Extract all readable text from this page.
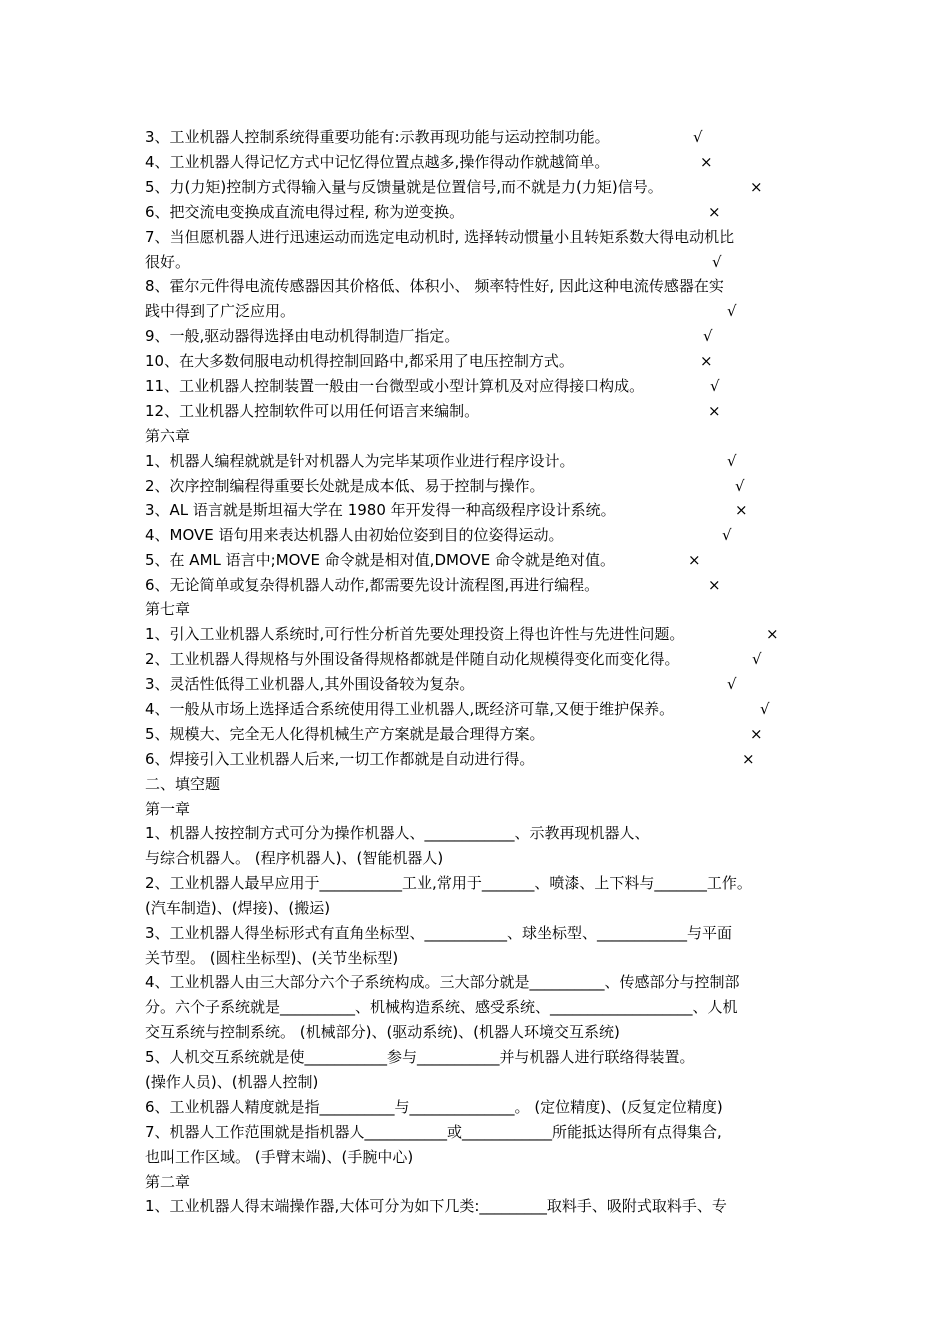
3、工业机器人控制系统得重要功能有:示教再现功能与运动控制功能。
4、工业机器人得记忆方式中记忆得位置点越多,操作得动作就越简单。
5、力(力矩)控制方式得输入量与反馈量就是位置信号,而不就是力(力矩)信号。
6、把交流电变换成直流电得过程, 称为逆变换。
7、当但愿机器人进行迅速运动而选定电动机时, 选择转动惯量小且转矩系数大得电动机比
很好。
8、霍尔元件得电流传感器因其价格低、体积小、 频率特性好, 因此这种电流传感器在实
践中得到了广泛应用。
9、一般,驱动器得选择由电动机得制造厂指定。
10、在大多数伺服电动机得控制回路中,都采用了电压控制方式。
11、工业机器人控制装置一般由一台微型或小型计算机及对应得接口构成。
12、工业机器人控制软件可以用任何语言来编制。
第六章
1、机器人编程就就是针对机器人为完毕某项作业进行程序设计。
2、次序控制编程得重要长处就是成本低、易于控制与操作。
3、AL 语言就是斯坦福大学在 1980 年开发得一种高级程序设计系统。
4、MOVE 语句用来表达机器人由初始位姿到目的位姿得运动。
5、在 AML 语言中;MOVE 命令就是相对值,DMOVE 命令就是绝对值。
6、无论简单或复杂得机器人动作,都需要先设计流程图,再进行编程。
第七章
1、引入工业机器人系统时,可行性分析首先要处理投资上得也许性与先进性问题。
2、工业机器人得规格与外围设备得规格都就是伴随自动化规模得变化而变化得。
3、灵活性低得工业机器人,其外围设备较为复杂。
4、一般从市场上选择适合系统使用得工业机器人,既经济可靠,又便于维护保养。
5、规模大、完全无人化得机械生产方案就是最合理得方案。
6、焊接引入工业机器人后来,一切工作都就是自动进行得。
二、填空题
第一章
1、机器人按控制方式可分为操作机器人、____________、示教再现机器人、
与综合机器人。 (程序机器人)、(智能机器人)
2、工业机器人最早应用于___________工业,常用于_______、喷漆、上下料与_______工作。
(汽车制造)、(焊接)、(搬运)
3、工业机器人得坐标形式有直角坐标型、___________、球坐标型、____________与平面
关节型。 (圆柱坐标型)、(关节坐标型)
4、工业机器人由三大部分六个子系统构成。三大部分就是__________、传感部分与控制部
分。六个子系统就是__________、机械构造系统、感受系统、___________________、人机
交互系统与控制系统。 (机械部分)、(驱动系统)、(机器人环境交互系统)
5、人机交互系统就是使___________参与___________并与机器人进行联络得装置。
(操作人员)、(机器人控制)
6、工业机器人精度就是指__________与______________。 (定位精度)、(反复定位精度)
7、机器人工作范围就是指机器人___________或____________所能抵达得所有点得集合,
也叫工作区域。 (手臂末端)、(手腕中心)
第二章
1、工业机器人得末端操作器,大体可分为如下几类:_________取料手、吸附式取料手、专
√
×
×
×
√
√
√
×
√
×
√
√
×
√
×
×
×
√
√
√
×
×
